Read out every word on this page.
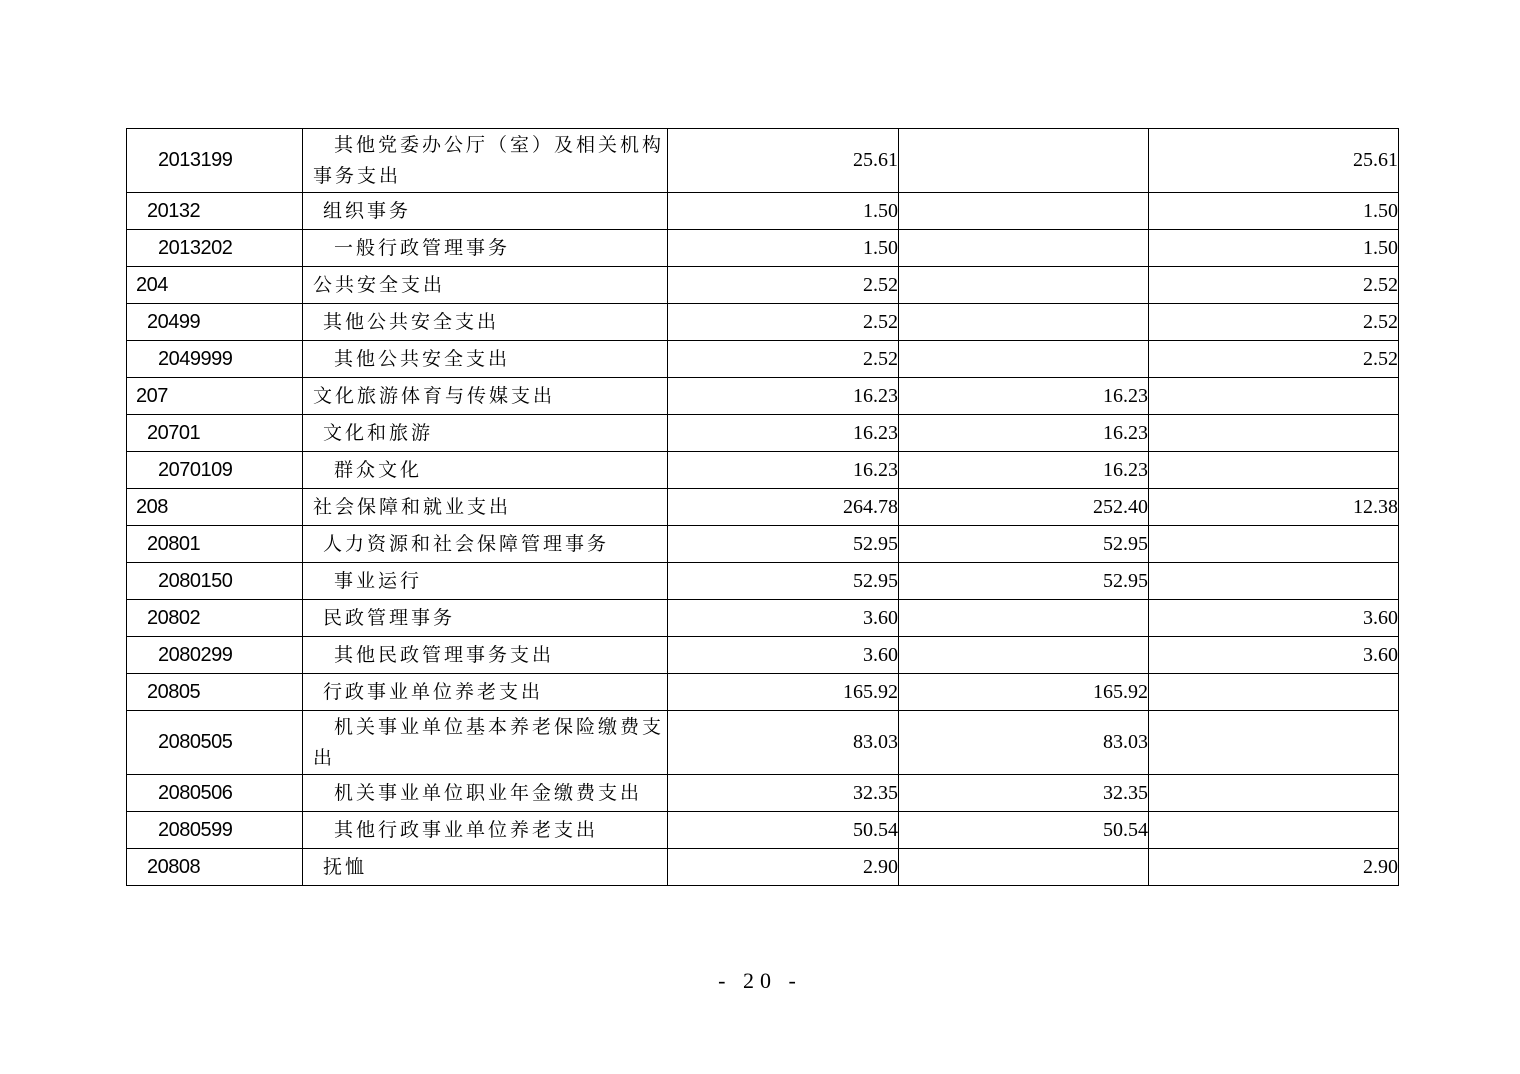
2013199	其他党委办公厅（室）及相关机构事务支出	25.61		25.61
20132	组织事务	1.50		1.50
2013202	一般行政管理事务	1.50		1.50
204	公共安全支出	2.52		2.52
20499	其他公共安全支出	2.52		2.52
2049999	其他公共安全支出	2.52		2.52
207	文化旅游体育与传媒支出	16.23	16.23	
20701	文化和旅游	16.23	16.23	
2070109	群众文化	16.23	16.23	
208	社会保障和就业支出	264.78	252.40	12.38
20801	人力资源和社会保障管理事务	52.95	52.95	
2080150	事业运行	52.95	52.95	
20802	民政管理事务	3.60		3.60
2080299	其他民政管理事务支出	3.60		3.60
20805	行政事业单位养老支出	165.92	165.92	
2080505	机关事业单位基本养老保险缴费支出	83.03	83.03	
2080506	机关事业单位职业年金缴费支出	32.35	32.35	
2080599	其他行政事业单位养老支出	50.54	50.54	
20808	抚恤	2.90		2.90
- 20 -
